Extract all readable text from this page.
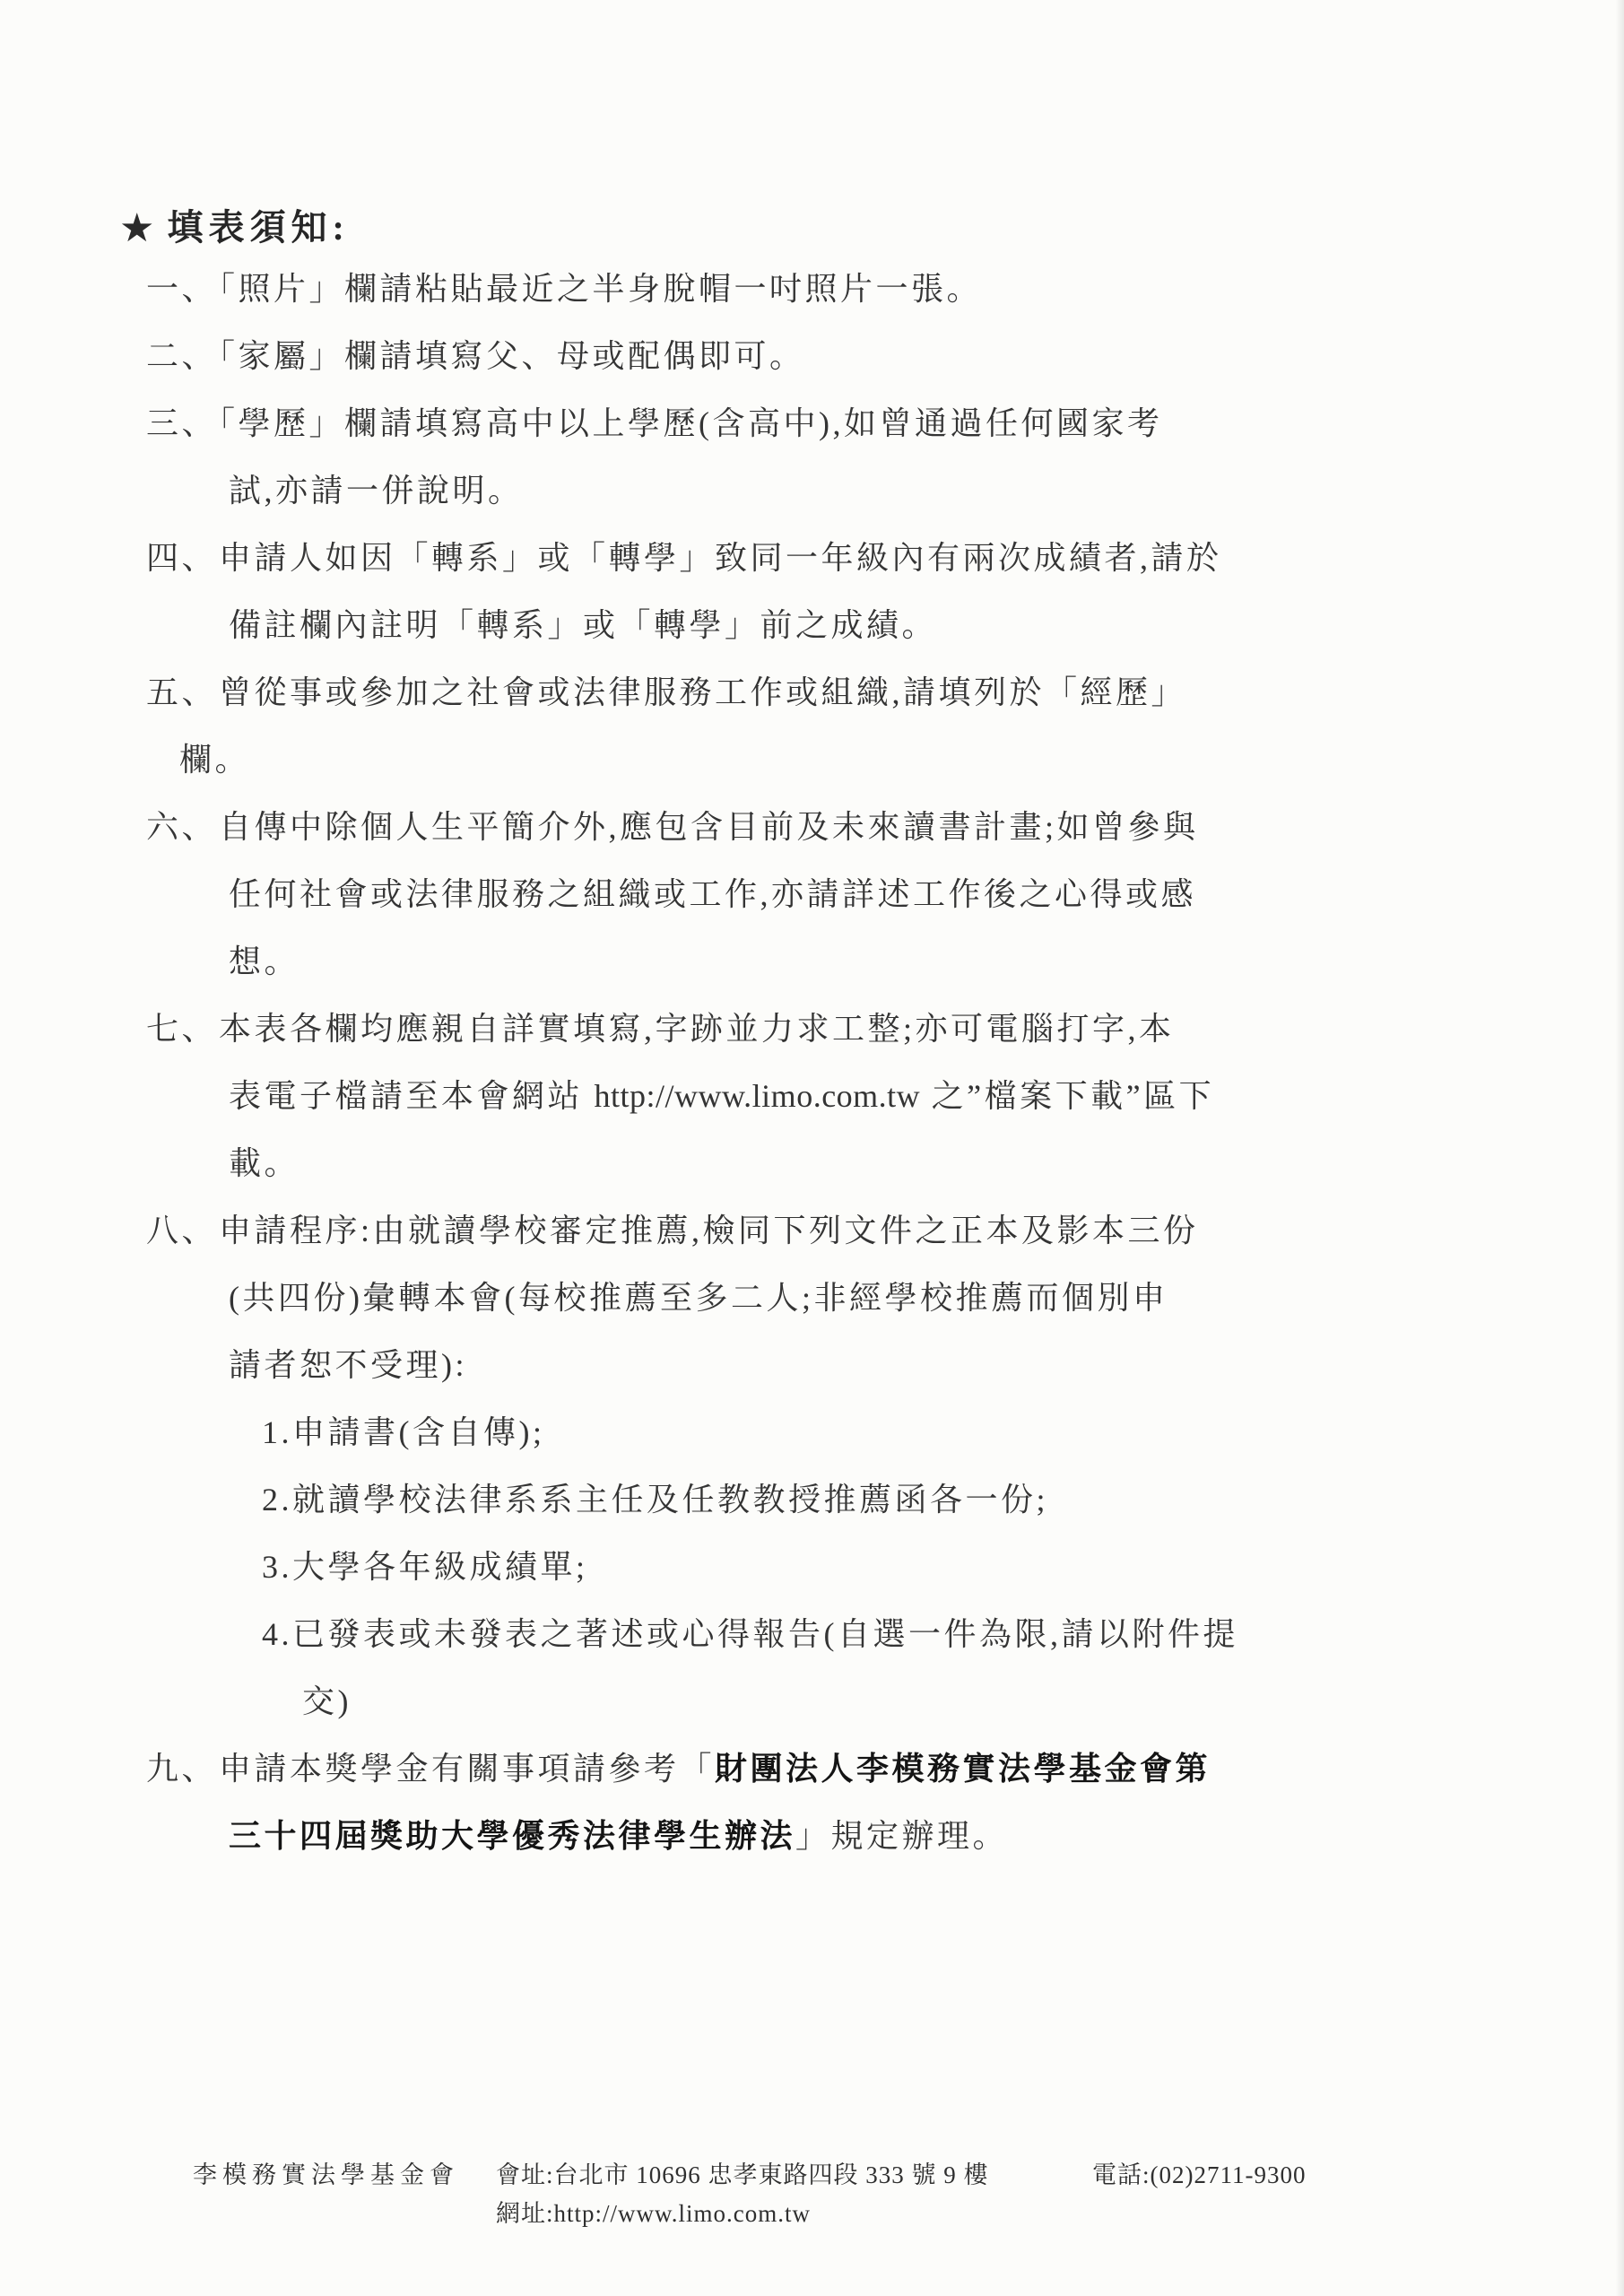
★ 填表須知:
一、「照片」欄請粘貼最近之半身脫帽一吋照片一張。
二、「家屬」欄請填寫父、母或配偶即可。
三、「學歷」欄請填寫高中以上學歷(含高中),如曾通過任何國家考
試,亦請一併說明。
四、申請人如因「轉系」或「轉學」致同一年級內有兩次成績者,請於
備註欄內註明「轉系」或「轉學」前之成績。
五、曾從事或參加之社會或法律服務工作或組織,請填列於「經歷」
欄。
六、自傳中除個人生平簡介外,應包含目前及未來讀書計畫;如曾參與
任何社會或法律服務之組織或工作,亦請詳述工作後之心得或感
想。
七、本表各欄均應親自詳實填寫,字跡並力求工整;亦可電腦打字,本
表電子檔請至本會網站 http://www.limo.com.tw 之”檔案下載”區下
載。
八、申請程序:由就讀學校審定推薦,檢同下列文件之正本及影本三份
(共四份)彙轉本會(每校推薦至多二人;非經學校推薦而個別申
請者恕不受理):
1.申請書(含自傳);
2.就讀學校法律系系主任及任教教授推薦函各一份;
3.大學各年級成績單;
4.已發表或未發表之著述或心得報告(自選一件為限,請以附件提
交)
九、申請本獎學金有關事項請參考「財團法人李模務實法學基金會第
三十四屆獎助大學優秀法律學生辦法」規定辦理。
李模務實法學基金會 會址:台北市 10696 忠孝東路四段 333 號 9 樓	電話:(02)2711-9300
網址:http://www.limo.com.tw
